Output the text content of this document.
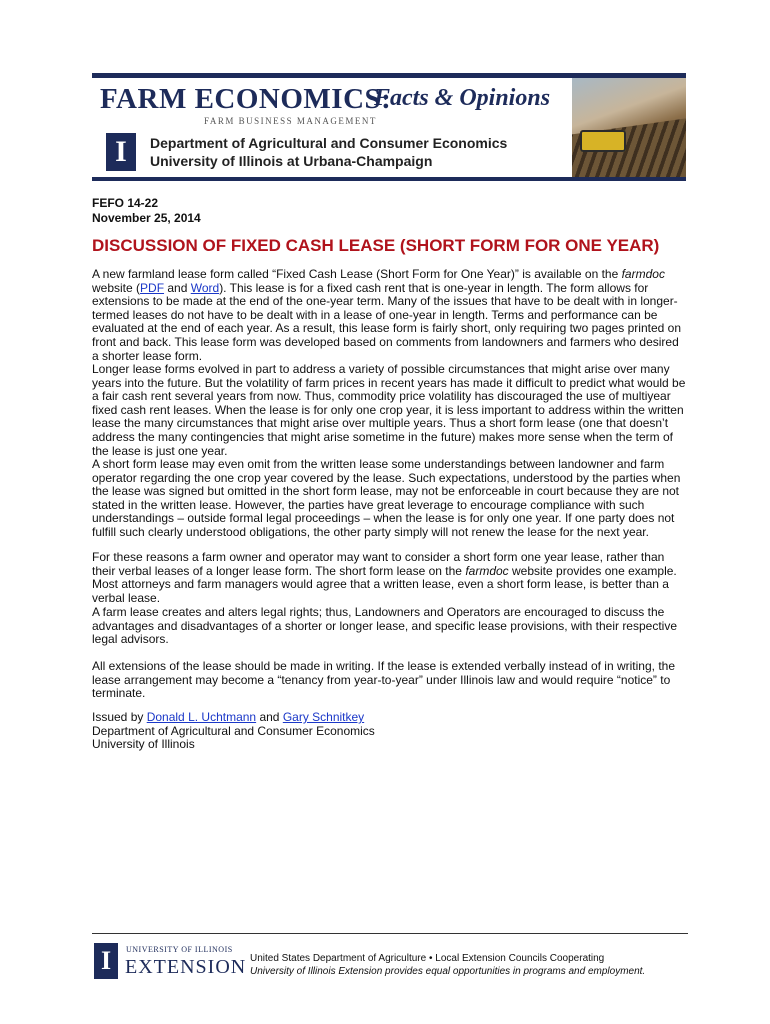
FARM ECONOMICS:
Facts & Opinions
FARM BUSINESS MANAGEMENT
I	Department of Agricultural and Consumer Economics
University of Illinois at Urbana-Champaign
FEFO 14-22
November 25, 2014
DISCUSSION OF FIXED CASH LEASE (SHORT FORM FOR ONE YEAR)

A new farmland lease form called “Fixed Cash Lease (Short Form for One Year)” is available on the farmdoc website (PDF and Word). This lease is for a fixed cash rent that is one-year in length. The form allows for extensions to be made at the end of the one-year term. Many of the issues that have to be dealt with in longer-termed leases do not have to be dealt with in a lease of one-year in length. Terms and performance can be evaluated at the end of each year. As a result, this lease form is fairly short, only requiring two pages printed on front and back. This lease form was developed based on comments from landowners and farmers who desired a shorter lease form.

Longer lease forms evolved in part to address a variety of possible circumstances that might arise over many years into the future. But the volatility of farm prices in recent years has made it difficult to predict what would be a fair cash rent several years from now. Thus, commodity price volatility has discouraged the use of multiyear fixed cash rent leases. When the lease is for only one crop year, it is less important to address within the written lease the many circumstances that might arise over multiple years. Thus a short form lease (one that doesn’t address the many contingencies that might arise sometime in the future) makes more sense when the term of the lease is just one year.

A short form lease may even omit from the written lease some understandings between landowner and farm operator regarding the one crop year covered by the lease. Such expectations, understood by the parties when the lease was signed but omitted in the short form lease, may not be enforceable in court because they are not stated in the written lease. However, the parties have great leverage to encourage compliance with such understandings – outside formal legal proceedings – when the lease is for only one year. If one party does not fulfill such clearly understood obligations, the other party simply will not renew the lease for the next year.

For these reasons a farm owner and operator may want to consider a short form one year lease, rather than their verbal leases of a longer lease form. The short form lease on the farmdoc website provides one example. Most attorneys and farm managers would agree that a written lease, even a short form lease, is better than a verbal lease.

A farm lease creates and alters legal rights; thus, Landowners and Operators are encouraged to discuss the advantages and disadvantages of a shorter or longer lease, and specific lease provisions, with their respective legal advisors.

All extensions of the lease should be made in writing. If the lease is extended verbally instead of in writing, the lease arrangement may become a “tenancy from year-to-year” under Illinois law and would require “notice” to terminate.

Issued by Donald L. Uchtmann and Gary Schnitkey
Department of Agricultural and Consumer Economics
University of Illinois
I	UNIVERSITY OF ILLINOIS
EXTENSION United States Department of Agriculture • Local Extension Councils Cooperating
University of Illinois Extension provides equal opportunities in programs and employment.
